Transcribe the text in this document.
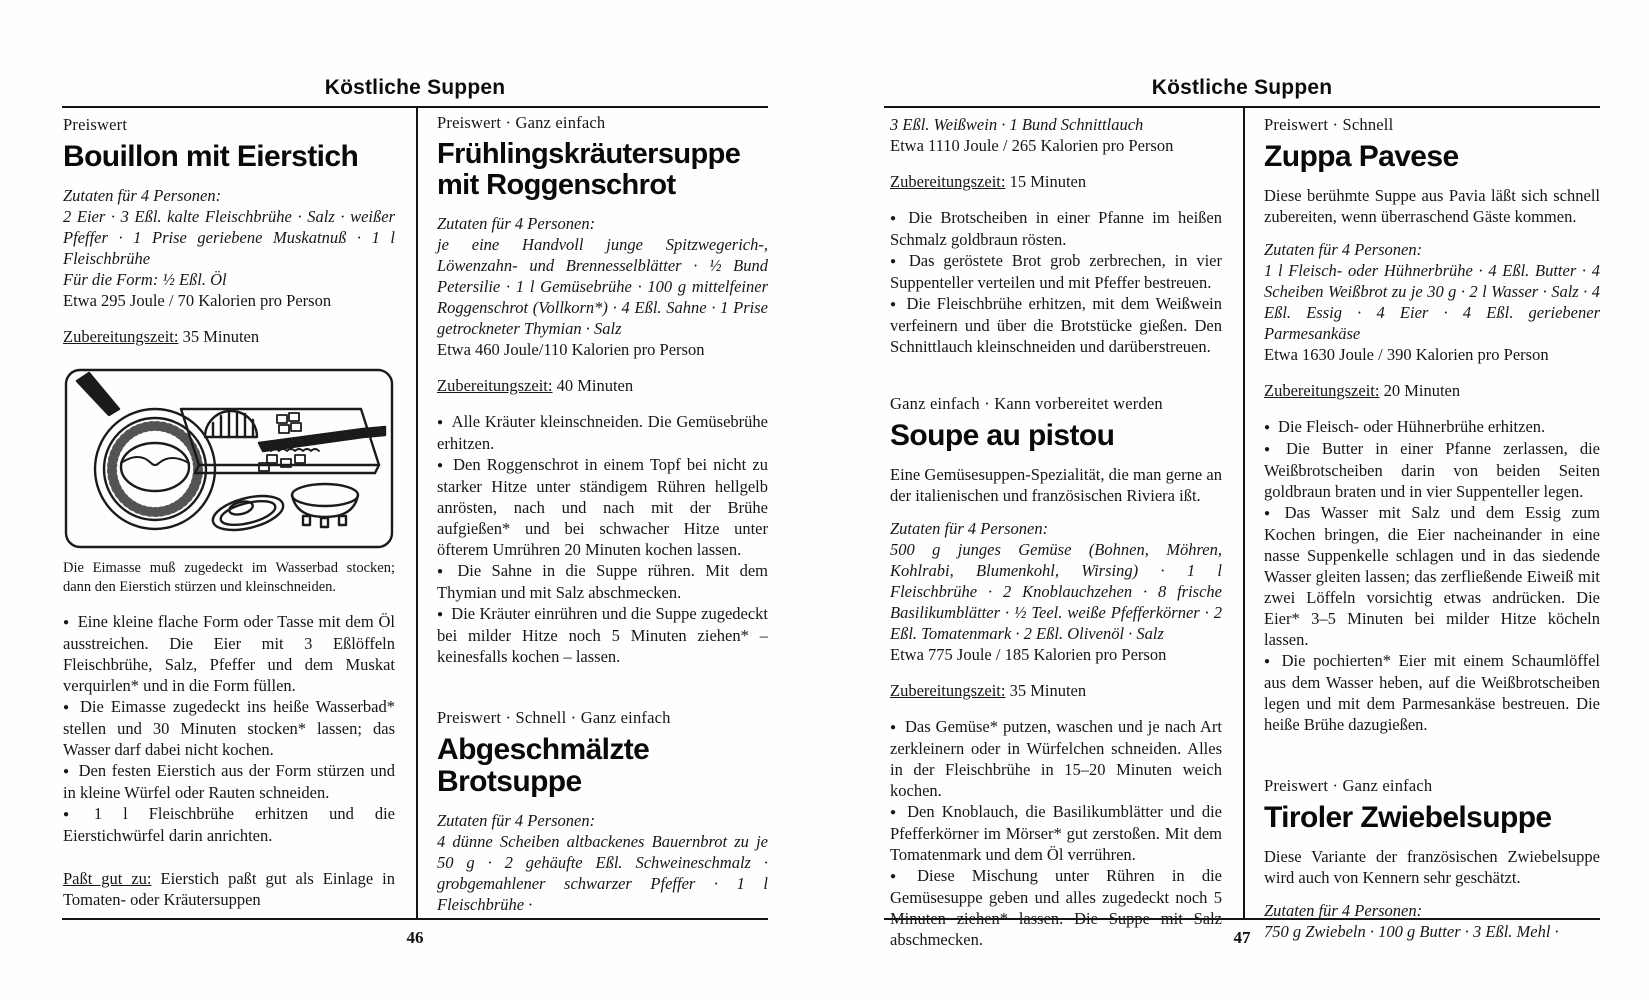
Köstliche Suppen
46

Preiswert

Bouillon mit Eierstich

Zutaten für 4 Personen:
2 Eier · 3 Eßl. kalte Fleischbrühe · Salz · weißer Pfeffer · 1 Prise geriebene Muskatnuß · 1 l Fleischbrühe

Für die Form: ½ Eßl. Öl

Etwa 295 Joule / 70 Kalorien pro Person

Zubereitungszeit: 35 Minuten

Die Eimasse muß zugedeckt im Wasserbad stocken; dann den Eierstich stürzen und kleinschneiden.

● Eine kleine flache Form oder Tasse mit dem Öl ausstreichen. Die Eier mit 3 Eßlöffeln Fleischbrühe, Salz, Pfeffer und dem Muskat verquirlen* und in die Form füllen.

● Die Eimasse zugedeckt ins heiße Wasserbad* stellen und 30 Minuten stocken* lassen; das Wasser darf dabei nicht kochen.

● Den festen Eierstich aus der Form stürzen und in kleine Würfel oder Rauten schneiden.

● 1 l Fleischbrühe erhitzen und die Eierstichwürfel darin anrichten.

Paßt gut zu: Eierstich paßt gut als Einlage in Tomaten- oder Kräutersuppen

Preiswert · Ganz einfach

Frühlingskräutersuppe mit Roggenschrot

Zutaten für 4 Personen:
je eine Handvoll junge Spitzwegerich-, Löwenzahn- und Brennesselblätter · ½ Bund Petersilie · 1 l Gemüsebrühe · 100 g mittelfeiner Roggenschrot (Vollkorn*) · 4 Eßl. Sahne · 1 Prise getrockneter Thymian · Salz

Etwa 460 Joule/110 Kalorien pro Person

Zubereitungszeit: 40 Minuten

● Alle Kräuter kleinschneiden. Die Gemüsebrühe erhitzen.

● Den Roggenschrot in einem Topf bei nicht zu starker Hitze unter ständigem Rühren hellgelb anrösten, nach und nach mit der Brühe aufgießen* und bei schwacher Hitze unter öfterem Umrühren 20 Minuten kochen lassen.

● Die Sahne in die Suppe rühren. Mit dem Thymian und mit Salz abschmecken.

● Die Kräuter einrühren und die Suppe zugedeckt bei milder Hitze noch 5 Minuten ziehen* – keinesfalls kochen – lassen.

Preiswert · Schnell · Ganz einfach

Abgeschmälzte Brotsuppe

Zutaten für 4 Personen:
4 dünne Scheiben altbackenes Bauernbrot zu je 50 g · 2 gehäufte Eßl. Schweineschmalz · grobgemahlener schwarzer Pfeffer · 1 l Fleischbrühe ·

Köstliche Suppen
47

3 Eßl. Weißwein · 1 Bund Schnittlauch

Etwa 1110 Joule / 265 Kalorien pro Person

Zubereitungszeit: 15 Minuten

● Die Brotscheiben in einer Pfanne im heißen Schmalz goldbraun rösten.

● Das geröstete Brot grob zerbrechen, in vier Suppenteller verteilen und mit Pfeffer bestreuen.

● Die Fleischbrühe erhitzen, mit dem Weißwein verfeinern und über die Brotstücke gießen. Den Schnittlauch kleinschneiden und darüberstreuen.

Ganz einfach · Kann vorbereitet werden

Soupe au pistou

Eine Gemüsesuppen-Spezialität, die man gerne an der italienischen und französischen Riviera ißt.

Zutaten für 4 Personen:
500 g junges Gemüse (Bohnen, Möhren, Kohlrabi, Blumenkohl, Wirsing) · 1 l Fleischbrühe · 2 Knoblauchzehen · 8 frische Basilikumblätter · ½ Teel. weiße Pfefferkörner · 2 Eßl. Tomatenmark · 2 Eßl. Olivenöl · Salz

Etwa 775 Joule / 185 Kalorien pro Person

Zubereitungszeit: 35 Minuten

● Das Gemüse* putzen, waschen und je nach Art zerkleinern oder in Würfelchen schneiden. Alles in der Fleischbrühe in 15–20 Minuten weich kochen.

● Den Knoblauch, die Basilikumblätter und die Pfefferkörner im Mörser* gut zerstoßen. Mit dem Tomatenmark und dem Öl verrühren.

● Diese Mischung unter Rühren in die Gemüsesuppe geben und alles zugedeckt noch 5 Minuten ziehen* lassen. Die Suppe mit Salz abschmecken.

Preiswert · Schnell

Zuppa Pavese

Diese berühmte Suppe aus Pavia läßt sich schnell zubereiten, wenn überraschend Gäste kommen.

Zutaten für 4 Personen:
1 l Fleisch- oder Hühnerbrühe · 4 Eßl. Butter · 4 Scheiben Weißbrot zu je 30 g · 2 l Wasser · Salz · 4 Eßl. Essig · 4 Eier · 4 Eßl. geriebener Parmesankäse

Etwa 1630 Joule / 390 Kalorien pro Person

Zubereitungszeit: 20 Minuten

● Die Fleisch- oder Hühnerbrühe erhitzen.

● Die Butter in einer Pfanne zerlassen, die Weißbrotscheiben darin von beiden Seiten goldbraun braten und in vier Suppenteller legen.

● Das Wasser mit Salz und dem Essig zum Kochen bringen, die Eier nacheinander in eine nasse Suppenkelle schlagen und in das siedende Wasser gleiten lassen; das zerfließende Eiweiß mit zwei Löffeln vorsichtig etwas andrücken. Die Eier* 3–5 Minuten bei milder Hitze köcheln lassen.

● Die pochierten* Eier mit einem Schaumlöffel aus dem Wasser heben, auf die Weißbrotscheiben legen und mit dem Parmesankäse bestreuen. Die heiße Brühe dazugießen.

Preiswert · Ganz einfach

Tiroler Zwiebelsuppe

Diese Variante der französischen Zwiebelsuppe wird auch von Kennern sehr geschätzt.

Zutaten für 4 Personen:
750 g Zwiebeln · 100 g Butter · 3 Eßl. Mehl ·
